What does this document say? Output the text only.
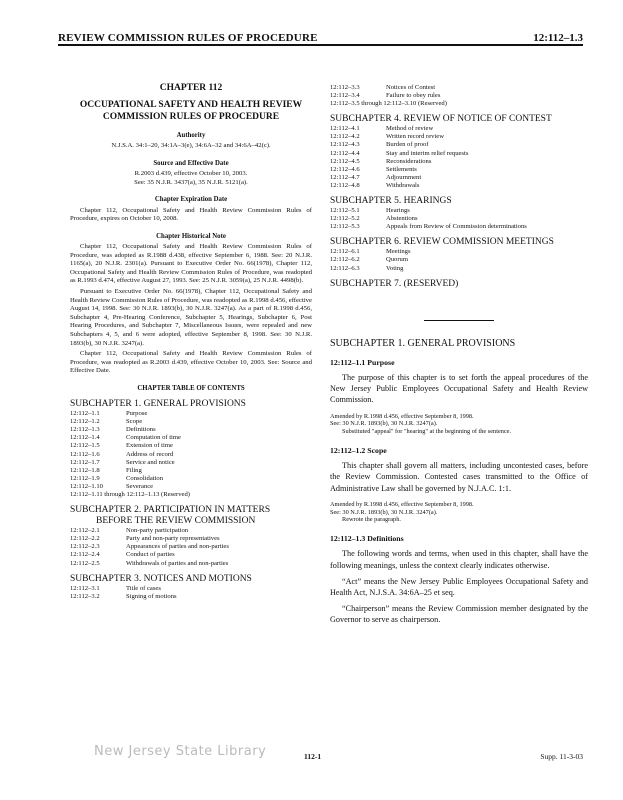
REVIEW COMMISSION RULES OF PROCEDURE	12:112–1.3
CHAPTER 112
OCCUPATIONAL SAFETY AND HEALTH REVIEW COMMISSION RULES OF PROCEDURE
Authority
N.J.S.A. 34:1–20, 34:1A–3(e), 34:6A–32 and 34:6A–42(c).
Source and Effective Date
R.2003 d.439, effective October 10, 2003.
See: 35 N.J.R. 3437(a), 35 N.J.R. 5121(a).
Chapter Expiration Date
Chapter 112, Occupational Safety and Health Review Commission Rules of Procedure, expires on October 10, 2008.
Chapter Historical Note
Chapter 112, Occupational Safety and Health Review Commission Rules of Procedure, was adopted as R.1988 d.438, effective September 6, 1988. See: 20 N.J.R. 1165(a), 20 N.J.R. 2301(a). Pursuant to Executive Order No. 66(1978), Chapter 112, Occupational Safety and Health Review Commission Rules of Procedure, was readopted as R.1993 d.474, effective August 27, 1993. See: 25 N.J.R. 3059(a), 25 N.J.R. 4498(b).
Pursuant to Executive Order No. 66(1978), Chapter 112, Occupational Safety and Health Review Commission Rules of Procedure, was readopted as R.1998 d.456, effective August 14, 1998. See: 30 N.J.R. 1893(b), 30 N.J.R. 3247(a). As a part of R.1998 d.456, Subchapter 4, Pre-Hearing Conference, Subchapter 5, Hearings, Subchapter 6, Post Hearing Procedures, and Subchapter 7, Miscellaneous Issues, were repealed and new Subchapters 4, 5, and 6 were adopted, effective September 8, 1998. See: 30 N.J.R. 1893(b), 30 N.J.R. 3247(a).
Chapter 112, Occupational Safety and Health Review Commission Rules of Procedure, was readopted as R.2003 d.439, effective October 10, 2003. See: Source and Effective Date.
CHAPTER TABLE OF CONTENTS
SUBCHAPTER 1. GENERAL PROVISIONS
12:112–1.1	Purpose
12:112–1.2	Scope
12:112–1.3	Definitions
12:112–1.4	Computation of time
12:112–1.5	Extension of time
12:112–1.6	Address of record
12:112–1.7	Service and notice
12:112–1.8	Filing
12:112–1.9	Consolidation
12:112–1.10	Severance
12:112–1.11 through 12:112–1.13 (Reserved)
SUBCHAPTER 2. PARTICIPATION IN MATTERS
BEFORE THE REVIEW COMMISSION
12:112–2.1	Non-party participation
12:112–2.2	Party and non-party representatives
12:112–2.3	Appearances of parties and non-parties
12:112–2.4	Conduct of parties
12:112–2.5	Withdrawals of parties and non-parties
SUBCHAPTER 3. NOTICES AND MOTIONS
12:112–3.1	Title of cases
12:112–3.2	Signing of motions
12:112–3.3	Notices of Contest
12:112–3.4	Failure to obey rules
12:112–3.5 through 12:112–3.10 (Reserved)
SUBCHAPTER 4. REVIEW OF NOTICE OF CONTEST
12:112–4.1	Method of review
12:112–4.2	Written record review
12:112–4.3	Burden of proof
12:112–4.4	Stay and interim relief requests
12:112–4.5	Reconsiderations
12:112–4.6	Settlements
12:112–4.7	Adjournment
12:112–4.8	Withdrawals
SUBCHAPTER 5. HEARINGS
12:112–5.1	Hearings
12:112–5.2	Abstentions
12:112–5.3	Appeals from Review of Commission determinations
SUBCHAPTER 6. REVIEW COMMISSION MEETINGS
12:112–6.1	Meetings
12:112–6.2	Quorum
12:112–6.3	Voting
SUBCHAPTER 7. (RESERVED)
SUBCHAPTER 1. GENERAL PROVISIONS
12:112–1.1 Purpose
The purpose of this chapter is to set forth the appeal procedures of the New Jersey Public Employees Occupational Safety and Health Review Commission.
Amended by R.1998 d.456, effective September 8, 1998.
See: 30 N.J.R. 1893(b), 30 N.J.R. 3247(a).
Substituted "appeal" for "hearing" at the beginning of the sentence.
12:112–1.2 Scope
This chapter shall govern all matters, including uncontested cases, before the Review Commission. Contested cases transmitted to the Office of Administrative Law shall be governed by N.J.A.C. 1:1.
Amended by R.1998 d.456, effective September 8, 1998.
See: 30 N.J.R. 1893(b), 30 N.J.R. 3247(a).
Rewrote the paragraph.
12:112–1.3 Definitions
The following words and terms, when used in this chapter, shall have the following meanings, unless the context clearly indicates otherwise.
“Act” means the New Jersey Public Employees Occupational Safety and Health Act, N.J.S.A. 34:6A–25 et seq.
“Chairperson” means the Review Commission member designated by the Governor to serve as chairperson.
New Jersey State Library	112-1	Supp. 11-3-03
